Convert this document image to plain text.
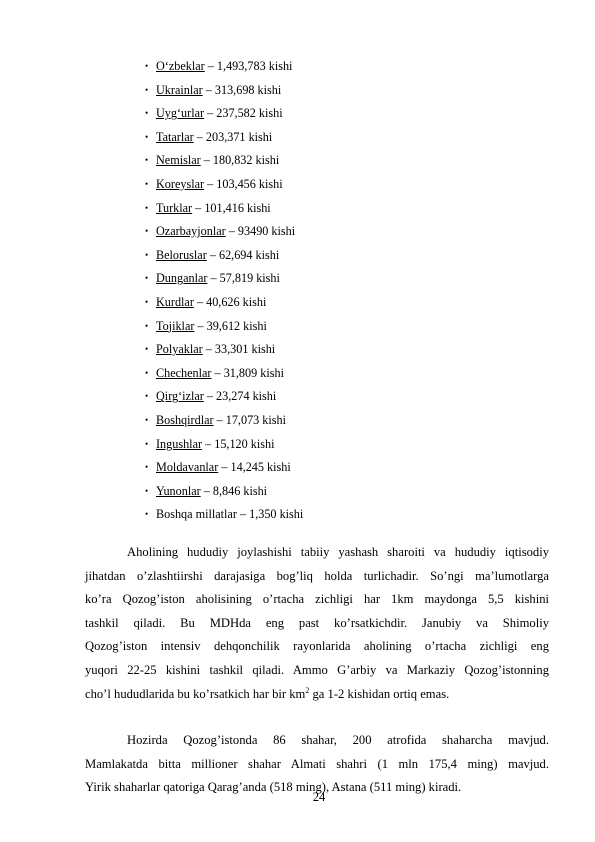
• O‘zbeklar – 1,493,783 kishi
• Ukrainlar – 313,698 kishi
• Uyg‘urlar – 237,582 kishi
• Tatarlar – 203,371 kishi
• Nemislar – 180,832 kishi
• Koreyslar – 103,456 kishi
• Turklar – 101,416 kishi
• Ozarbayjonlar – 93490 kishi
• Beloruslar – 62,694 kishi
• Dunganlar – 57,819 kishi
• Kurdlar – 40,626 kishi
• Tojiklar – 39,612 kishi
• Polyaklar – 33,301 kishi
• Chechenlar – 31,809 kishi
• Qirg‘izlar – 23,274 kishi
• Boshqirdlar – 17,073 kishi
• Ingushlar – 15,120 kishi
• Moldavanlar – 14,245 kishi
• Yunonlar – 8,846 kishi
• Boshqa millatlar – 1,350 kishi

Aholining hududiy joylashishi tabiiy yashash sharoiti va hududiy iqtisodiy

jihatdan o’zlashtiirshi darajasiga bog’liq holda turlichadir. So’ngi ma’lumotlarga

ko’ra Qozog’iston aholisining o’rtacha zichligi har 1km maydonga 5,5 kishini

tashkil qiladi. Bu MDHda eng past ko’rsatkichdir. Janubiy va Shimoliy

Qozog’iston intensiv dehqonchilik rayonlarida aholining o’rtacha zichligi eng

yuqori 22-25 kishini tashkil qiladi. Ammo G’arbiy va Markaziy Qozog’istonning

cho’l hududlarida bu ko’rsatkich har bir $km^2$ ga 1-2 kishidan ortiq emas.

Hozirda Qozog’istonda 86 shahar, 200 atrofida shaharcha mavjud.

Mamlakatda bitta millioner shahar Almati shahri (1 mln 175,4 ming) mavjud.

Yirik shaharlar qatoriga Qarag’anda (518 ming), Astana (511 ming) kiradi.

24
